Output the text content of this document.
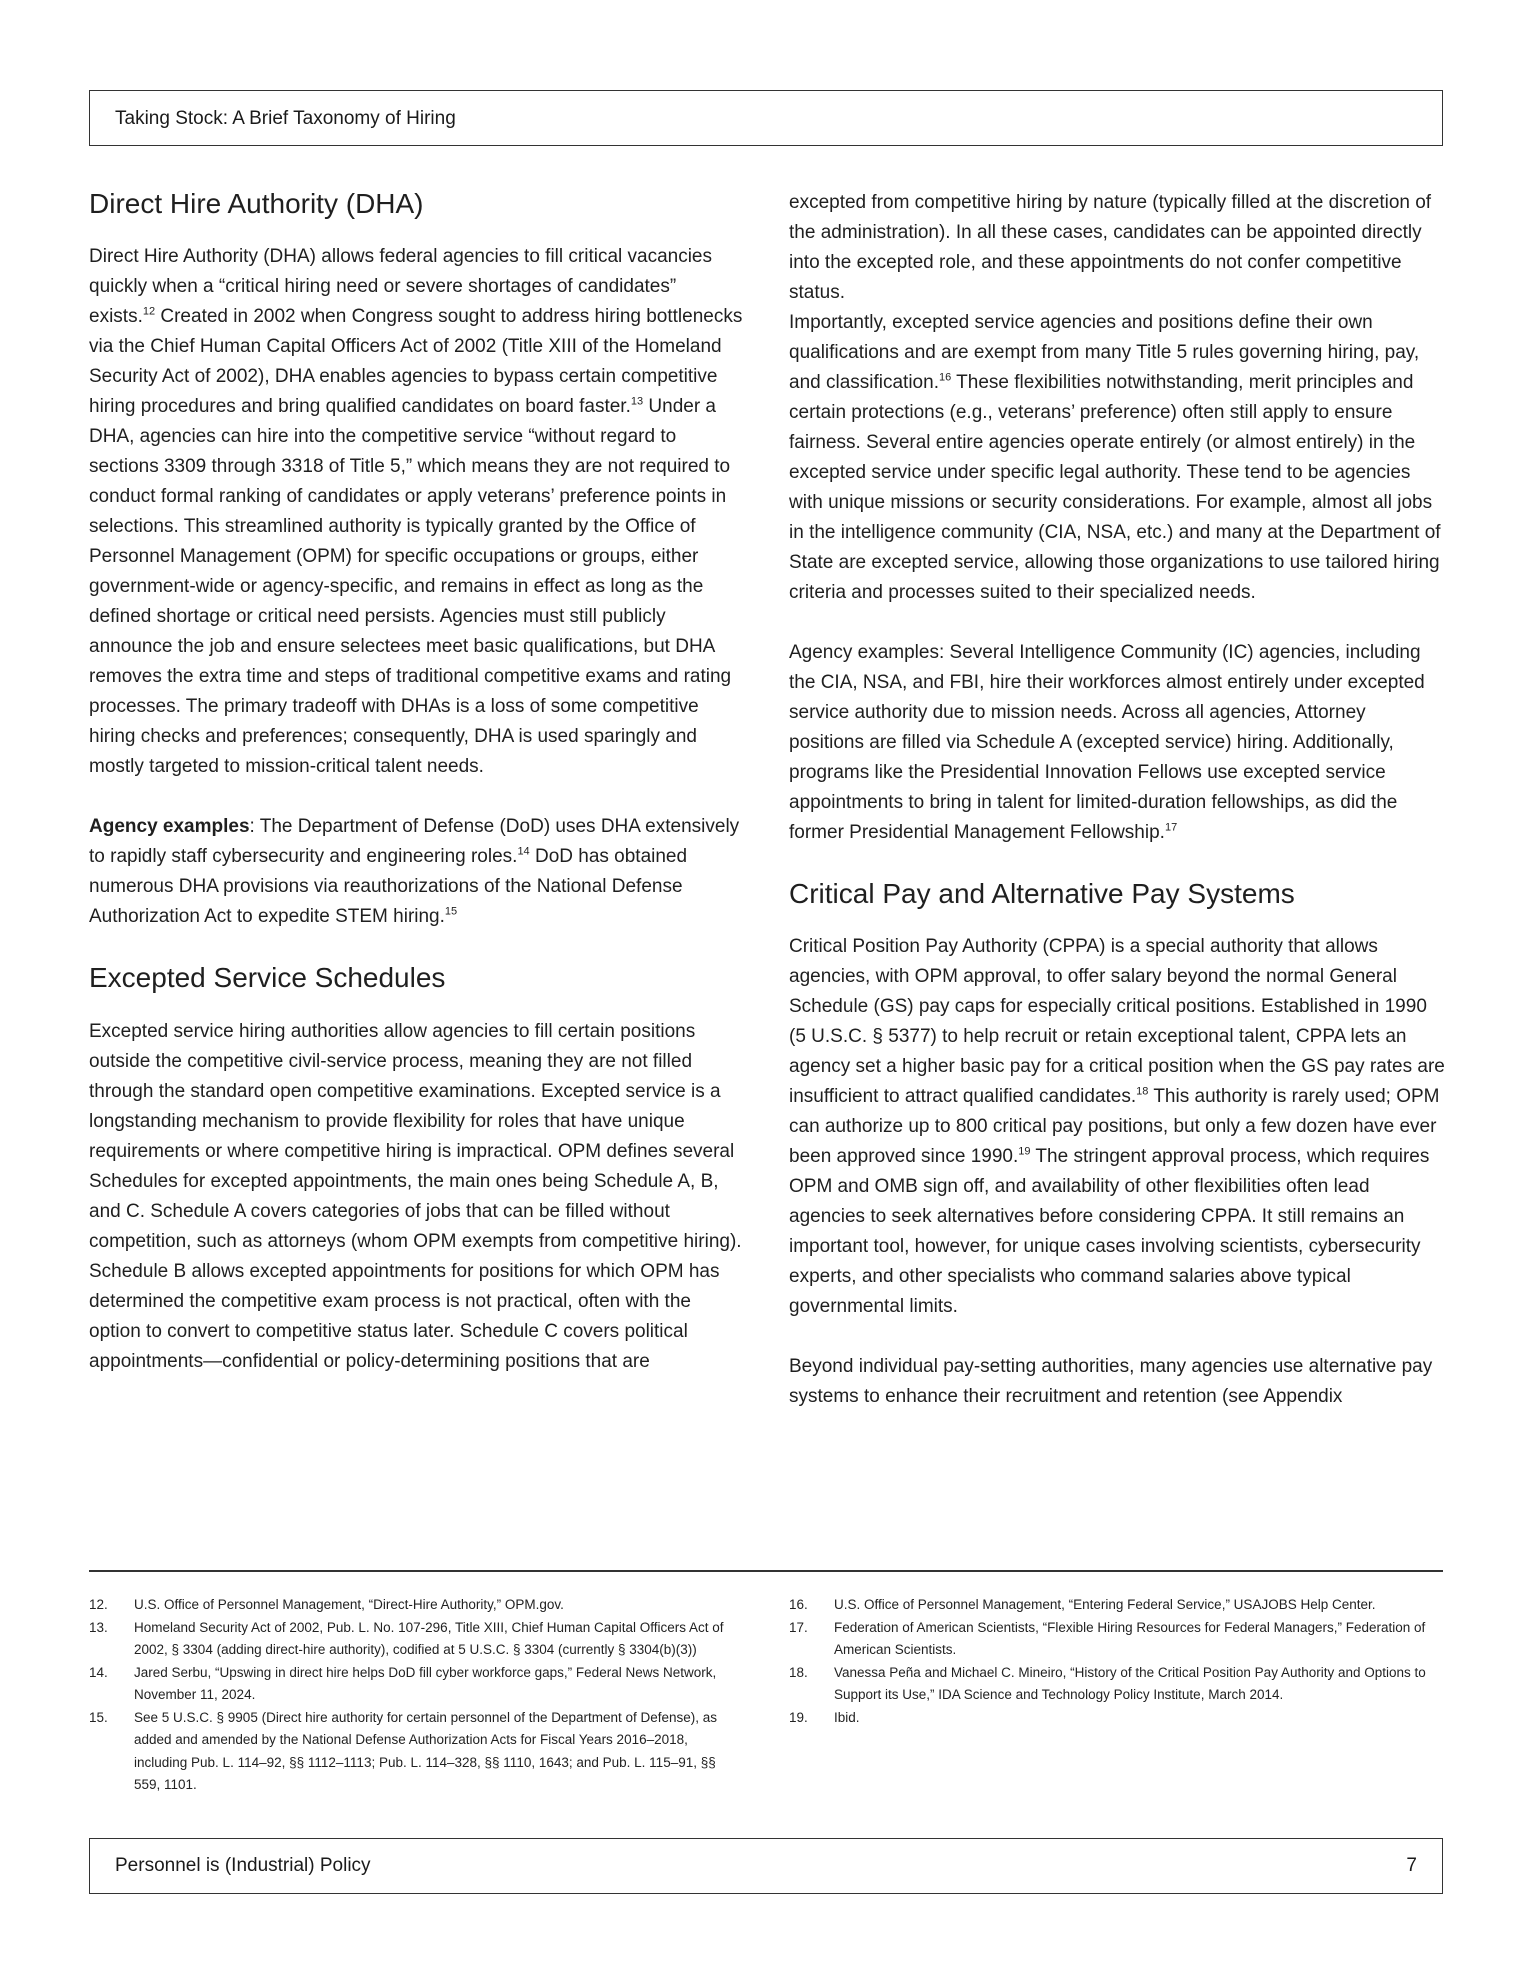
Taking Stock: A Brief Taxonomy of Hiring
Direct Hire Authority (DHA)

Direct Hire Authority (DHA) allows federal agencies to fill critical vacancies quickly when a “critical hiring need or severe shortages of candidates” exists.$^{12}$ Created in 2002 when Congress sought to address hiring bottlenecks via the Chief Human Capital Officers Act of 2002 (Title XIII of the Homeland Security Act of 2002), DHA enables agencies to bypass certain competitive hiring procedures and bring qualified candidates on board faster.$^{13}$ Under a DHA, agencies can hire into the competitive service “without regard to sections 3309 through 3318 of Title 5,” which means they are not required to conduct formal ranking of candidates or apply veterans’ preference points in selections. This streamlined authority is typically granted by the Office of Personnel Management (OPM) for specific occupations or groups, either government-wide or agency-specific, and remains in effect as long as the defined shortage or critical need persists. Agencies must still publicly announce the job and ensure selectees meet basic qualifications, but DHA removes the extra time and steps of traditional competitive exams and rating processes. The primary tradeoff with DHAs is a loss of some competitive hiring checks and preferences; consequently, DHA is used sparingly and mostly targeted to mission-critical talent needs.

Agency examples: The Department of Defense (DoD) uses DHA extensively to rapidly staff cybersecurity and engineering roles.$^{14}$ DoD has obtained numerous DHA provisions via reauthorizations of the National Defense Authorization Act to expedite STEM hiring.$^{15}$

Excepted Service Schedules

Excepted service hiring authorities allow agencies to fill certain positions outside the competitive civil-service process, meaning they are not filled through the standard open competitive examinations. Excepted service is a longstanding mechanism to provide flexibility for roles that have unique requirements or where competitive hiring is impractical. OPM defines several Schedules for excepted appointments, the main ones being Schedule A, B, and C. Schedule A covers categories of jobs that can be filled without competition, such as attorneys (whom OPM exempts from competitive hiring). Schedule B allows excepted appointments for positions for which OPM has determined the competitive exam process is not practical, often with the option to convert to competitive status later. Schedule C covers political appointments—confidential or policy-determining positions that are

excepted from competitive hiring by nature (typically filled at the discretion of the administration). In all these cases, candidates can be appointed directly into the excepted role, and these appointments do not confer competitive status.

Importantly, excepted service agencies and positions define their own qualifications and are exempt from many Title 5 rules governing hiring, pay, and classification.$^{16}$ These flexibilities notwithstanding, merit principles and certain protections (e.g., veterans’ preference) often still apply to ensure fairness. Several entire agencies operate entirely (or almost entirely) in the excepted service under specific legal authority. These tend to be agencies with unique missions or security considerations. For example, almost all jobs in the intelligence community (CIA, NSA, etc.) and many at the Department of State are excepted service, allowing those organizations to use tailored hiring criteria and processes suited to their specialized needs.

Agency examples: Several Intelligence Community (IC) agencies, including the CIA, NSA, and FBI, hire their workforces almost entirely under excepted service authority due to mission needs. Across all agencies, Attorney positions are filled via Schedule A (excepted service) hiring. Additionally, programs like the Presidential Innovation Fellows use excepted service appointments to bring in talent for limited-duration fellowships, as did the former Presidential Management Fellowship.$^{17}$

Critical Pay and Alternative Pay Systems

Critical Position Pay Authority (CPPA) is a special authority that allows agencies, with OPM approval, to offer salary beyond the normal General Schedule (GS) pay caps for especially critical positions. Established in 1990 (5 U.S.C. § 5377) to help recruit or retain exceptional talent, CPPA lets an agency set a higher basic pay for a critical position when the GS pay rates are insufficient to attract qualified candidates.$^{18}$ This authority is rarely used; OPM can authorize up to 800 critical pay positions, but only a few dozen have ever been approved since 1990.19 The stringent approval process, which requires OPM and OMB sign off, and availability of other flexibilities often lead agencies to seek alternatives before considering CPPA. It still remains an important tool, however, for unique cases involving scientists, cybersecurity experts, and other specialists who command salaries above typical governmental limits.

Beyond individual pay-setting authorities, many agencies use alternative pay systems to enhance their recruitment and retention (see Appendix

12. U.S. Office of Personnel Management, “Direct-Hire Authority,” OPM.gov.
13. Homeland Security Act of 2002, Pub. L. No. 107-296, Title XIII, Chief Human Capital Officers Act of 2002, § 3304 (adding direct-hire authority), codified at 5 U.S.C. § 3304 (currently § 3304(b)(3))
14. Jared Serbu, “Upswing in direct hire helps DoD fill cyber workforce gaps,” Federal News Network, November 11, 2024.
15. See 5 U.S.C. § 9905 (Direct hire authority for certain personnel of the Department of Defense), as added and amended by the National Defense Authorization Acts for Fiscal Years 2016–2018, including Pub. L. 114–92, §§ 1112–1113; Pub. L. 114–328, §§ 1110, 1643; and Pub. L. 115–91, §§ 559, 1101.
16. U.S. Office of Personnel Management, “Entering Federal Service,” USAJOBS Help Center.
17. Federation of American Scientists, “Flexible Hiring Resources for Federal Managers,” Federation of American Scientists.
18. Vanessa Peña and Michael C. Mineiro, “History of the Critical Position Pay Authority and Options to Support its Use,” IDA Science and Technology Policy Institute, March 2014.
19. Ibid.
Personnel is (Industrial) Policy	7
